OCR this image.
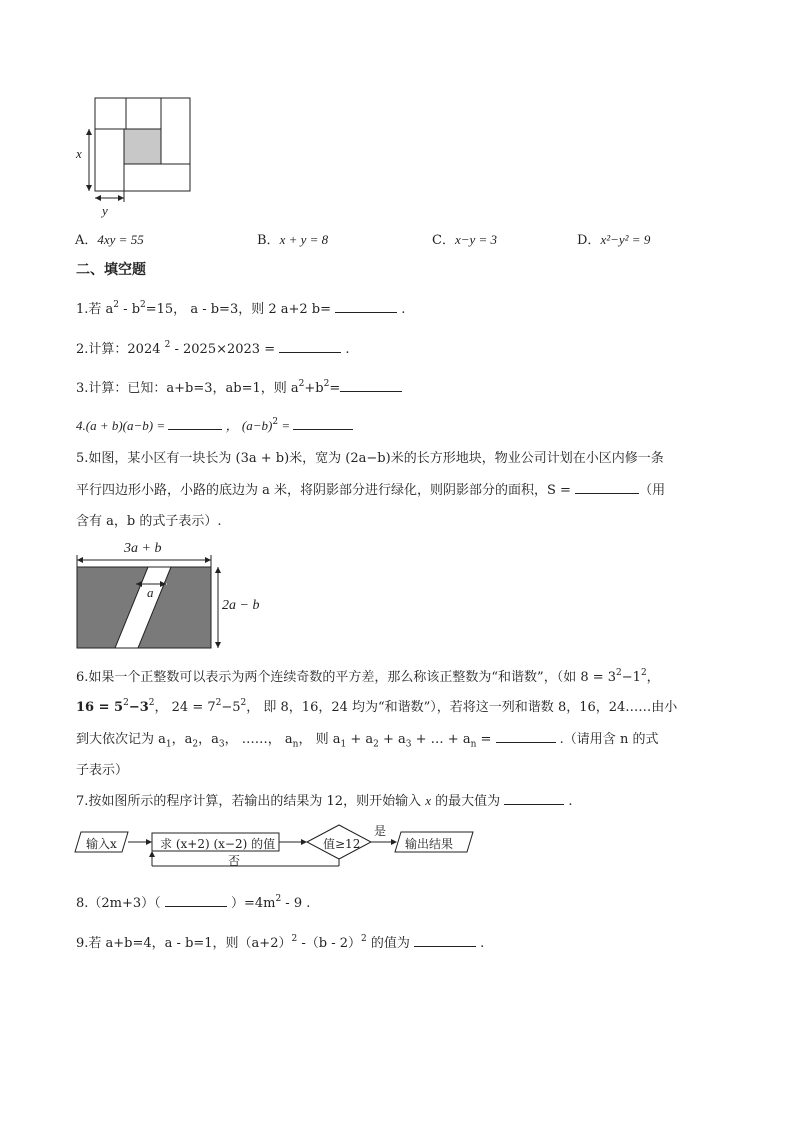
x
y
A．4xy = 55	B．x + y = 8	C．x−y = 3	D．x²−y² = 9
二、填空题
1.若 $a^2 - b^2=15$， a - b=3，则 2 a+2 b=	.
2.计算：2024 $^2$ - 2025×2023 =	.
3.计算：已知：a+b=3，ab=1，则 $a^2+b^2=$
4.(a + b)(a−b) =	， $(a-b)^2$ =
5.如图，某小区有一块长为 (3a + b)米，宽为 (2a−b)米的长方形地块，物业公司计划在小区内修一条
平行四边形小路，小路的底边为 a 米，将阴影部分进行绿化，则阴影部分的面积，S =	（用
含有 a，b 的式子表示）.
3a + b
2a − b
a
6.如果一个正整数可以表示为两个连续奇数的平方差，那么称该正整数为“和谐数”，（如 $8 = 3^2-1^2$，
$16 = 5^2-3^2$， $24 = 7^2-5^2$， 即 8，16，24 均为“和谐数”），若将这一列和谐数 8，16，24……由小
到大依次记为 $a_1$，$a_2$，$a_3$， ……， $a_n$， 则 $a_1 + a_2 + a_3$ + … + $a_n$ =	.（请用含 n 的式
子表示）
7.按如图所示的程序计算，若输出的结果为 12，则开始输入 x 的最大值为	.
输入x	求 (x+2) (x−2) 的值	值≥12	输出结果
是
否
8.（2m+3）（	）$=4m^2 - 9$ .
9.若 a+b=4，a - b=1，则$(a+2)^2$ -（b - 2）$^2$ 的值为	.
